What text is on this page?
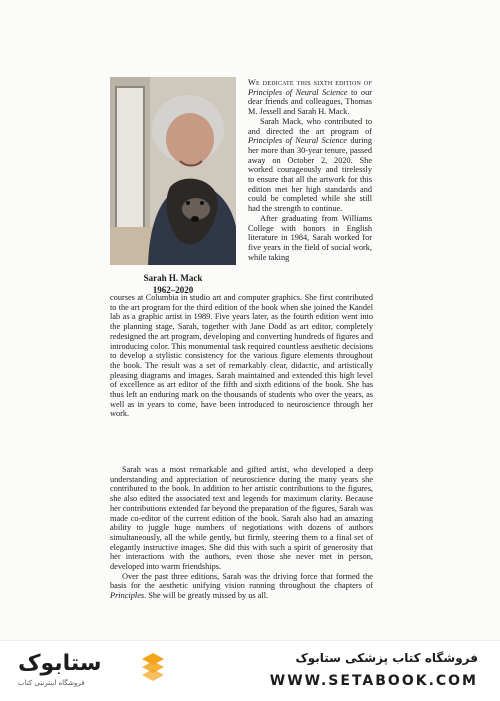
Sarah H. Mack
1962–2020

We dedicate this sixth edition of Principles of Neural Science to our dear friends and colleagues, Thomas M. Jessell and Sarah H. Mack.

Sarah Mack, who contributed to and directed the art program of Principles of Neural Science during her more than 30-year tenure, passed away on October 2, 2020. She worked courageously and tirelessly to ensure that all the artwork for this edition met her high standards and could be completed while she still had the strength to continue.

After graduating from Williams College with honors in English literature in 1984, Sarah worked for five years in the field of social work, while taking

courses at Columbia in studio art and computer graphics. She first contributed to the art program for the third edition of the book when she joined the Kandel lab as a graphic artist in 1989. Five years later, as the fourth edition went into the planning stage, Sarah, together with Jane Dodd as art editor, completely redesigned the art program, developing and converting hundreds of figures and introducing color. This monumental task required countless aesthetic decisions to develop a stylistic consistency for the various figure elements throughout the book. The result was a set of remarkably clear, didactic, and artistically pleasing diagrams and images. Sarah maintained and extended this high level of excellence as art editor of the fifth and sixth editions of the book. She has thus left an enduring mark on the thousands of students who over the years, as well as in years to come, have been introduced to neuroscience through her work.

Sarah was a most remarkable and gifted artist, who developed a deep understanding and appreciation of neuroscience during the many years she contributed to the book. In addition to her artistic contributions to the figures, she also edited the associated text and legends for maximum clarity. Because her contributions extended far beyond the preparation of the figures, Sarah was made co-editor of the current edition of the book. Sarah also had an amazing ability to juggle huge numbers of negotiations with dozens of authors simultaneously, all the while gently, but firmly, steering them to a final set of elegantly instructive images. She did this with such a spirit of generosity that her interactions with the authors, even those she never met in person, developed into warm friendships.

Over the past three editions, Sarah was the driving force that formed the basis for the aesthetic unifying vision running throughout the chapters of Principles. She will be greatly missed by us all.

ستابوک
فروشگاه اینترنتی کتاب
فروشگاه کتاب پزشکی ستابوک
WWW.SETABOOK.COM
